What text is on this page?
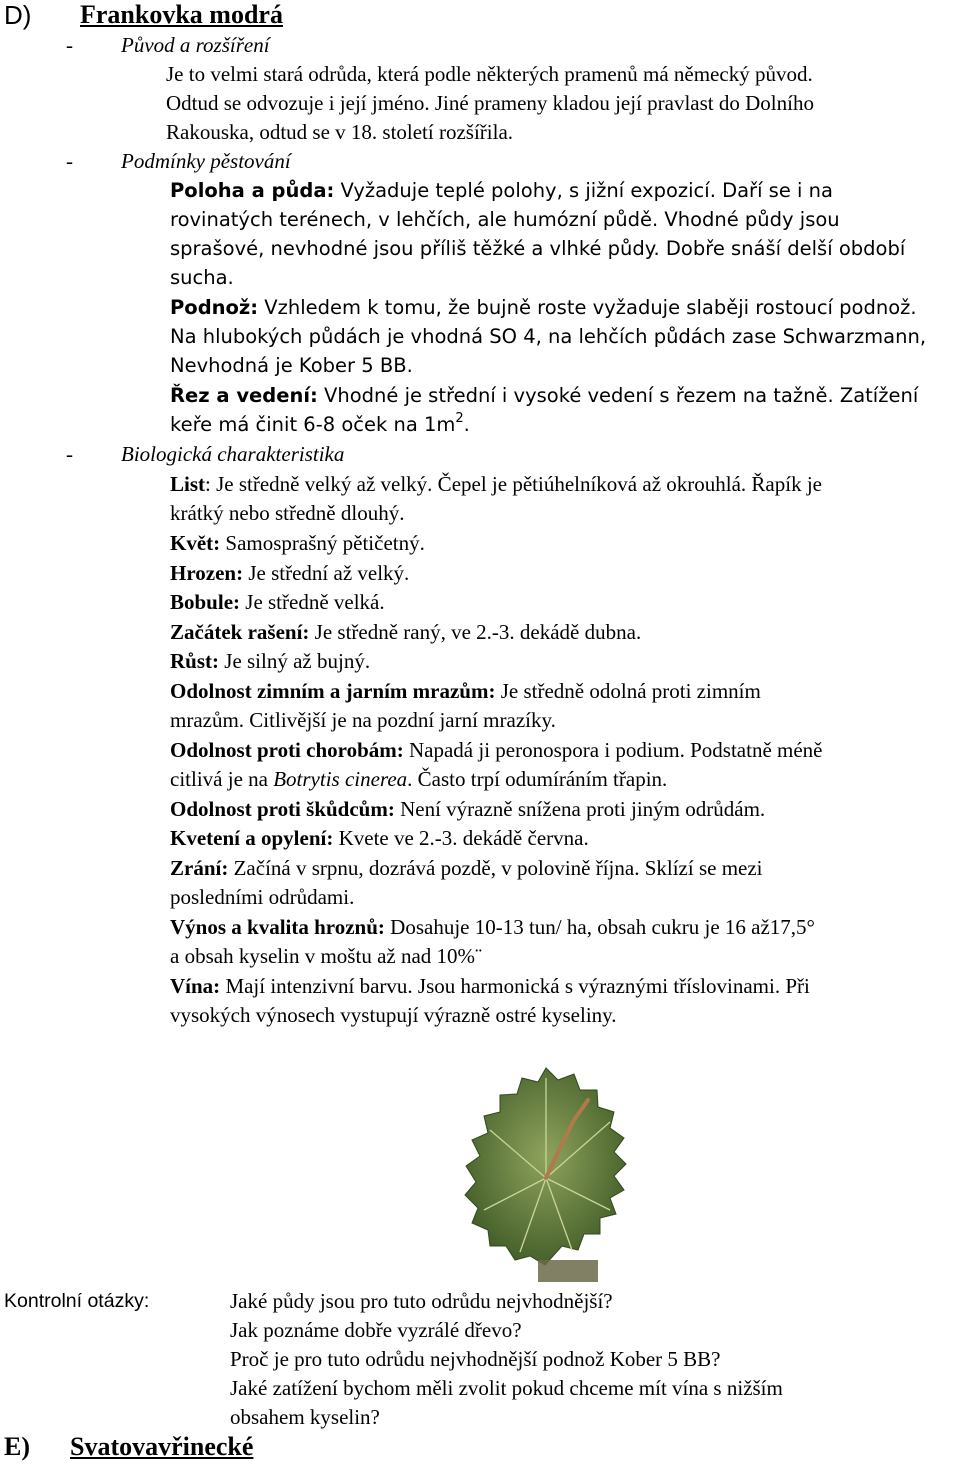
D) Frankovka modrá
- Původ a rozšíření
Je to velmi stará odrůda, která podle některých pramenů má německý původ.
Odtud se odvozuje i její jméno. Jiné prameny kladou její pravlast do Dolního
Rakouska, odtud se v 18. století rozšířila.
- Podmínky pěstování
Poloha a půda: Vyžaduje teplé polohy, s jižní expozicí. Daří se i na
rovinatých terénech, v lehčích, ale humózní půdě. Vhodné půdy jsou
sprašové, nevhodné jsou příliš těžké a vlhké půdy. Dobře snáší delší období
sucha.
Podnož: Vzhledem k tomu, že bujně roste vyžaduje slaběji rostoucí podnož.
Na hlubokých půdách je vhodná SO 4, na lehčích půdách zase Schwarzmann,
Nevhodná je Kober 5 BB.
Řez a vedení: Vhodné je střední i vysoké vedení s řezem na tažně. Zatížení
keře má činit 6-8 oček na $1m^2$.
- Biologická charakteristika
List: Je středně velký až velký. Čepel je pětiúhelníková až okrouhlá. Řapík je
krátký nebo středně dlouhý.
Květ: Samosprašný pětičetný.
Hrozen: Je střední až velký.
Bobule: Je středně velká.
Začátek rašení: Je středně raný, ve 2.-3. dekádě dubna.
Růst: Je silný až bujný.
Odolnost zimním a jarním mrazům: Je středně odolná proti zimním
mrazům. Citlivější je na pozdní jarní mrazíky.
Odolnost proti chorobám: Napadá ji peronospora i podium. Podstatně méně
citlivá je na Botrytis cinerea. Často trpí odumíráním třapin.
Odolnost proti škůdcům: Není výrazně snížena proti jiným odrůdám.
Kvetení a opylení: Kvete ve 2.-3. dekádě června.
Zrání: Začíná v srpnu, dozrává pozdě, v polovině října. Sklízí se mezi
posledními odrůdami.
Výnos a kvalita hroznů: Dosahuje 10-13 tun/ ha, obsah cukru je 16 až17,5°
a obsah kyselin v moštu až nad 10%¨
Vína: Mají intenzivní barvu. Jsou harmonická s výraznými tříslovinami. Při
vysokých výnosech vystupují výrazně ostré kyseliny.
Kontrolní otázky:	Jaké půdy jsou pro tuto odrůdu nejvhodnější?
Jak poznáme dobře vyzrálé dřevo?
Proč je pro tuto odrůdu nejvhodnější podnož Kober 5 BB?
Jaké zatížení bychom měli zvolit pokud chceme mít vína s nižším
obsahem kyselin?
E) Svatovavřinecké
